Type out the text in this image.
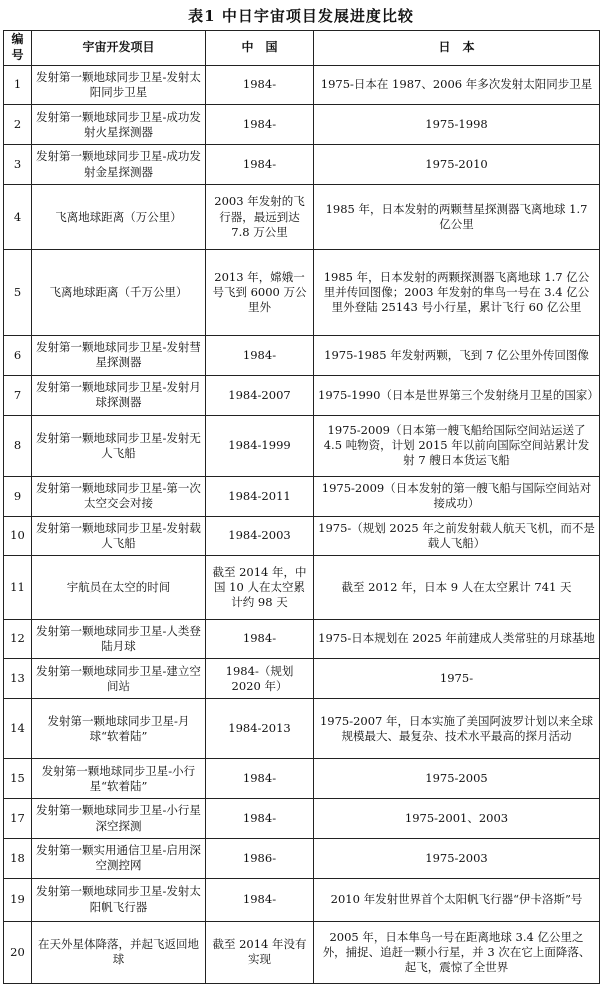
表1 中日宇宙项目发展进度比较
编号	宇宙开发项目	中　国	日　本
1	发射第一颗地球同步卫星-发射太阳同步卫星	1984-	1975-日本在 1987、2006 年多次发射太阳同步卫星
2	发射第一颗地球同步卫星-成功发射火星探测器	1984-	1975-1998
3	发射第一颗地球同步卫星-成功发射金星探测器	1984-	1975-2010
4	飞离地球距离（万公里）	2003 年发射的飞行器，最远到达 7.8 万公里	1985 年，日本发射的两颗彗星探测器飞离地球 1.7 亿公里
5	飞离地球距离（千万公里）	2013 年，嫦娥一号飞到 6000 万公里外	1985 年，日本发射的两颗探测器飞离地球 1.7 亿公里并传回图像；2003 年发射的隼鸟一号在 3.4 亿公里外登陆 25143 号小行星，累计飞行 60 亿公里
6	发射第一颗地球同步卫星-发射彗星探测器	1984-	1975-1985 年发射两颗，飞到 7 亿公里外传回图像
7	发射第一颗地球同步卫星-发射月球探测器	1984-2007	1975-1990（日本是世界第三个发射绕月卫星的国家）
8	发射第一颗地球同步卫星-发射无人飞船	1984-1999	1975-2009（日本第一艘飞船给国际空间站运送了 4.5 吨物资，计划 2015 年以前向国际空间站累计发射 7 艘日本货运飞船
9	发射第一颗地球同步卫星-第一次太空交会对接	1984-2011	1975-2009（日本发射的第一艘飞船与国际空间站对接成功）
10	发射第一颗地球同步卫星-发射载人飞船	1984-2003	1975-（规划 2025 年之前发射载人航天飞机，而不是载人飞船）
11	宇航员在太空的时间	截至 2014 年，中国 10 人在太空累计约 98 天	截至 2012 年，日本 9 人在太空累计 741 天
12	发射第一颗地球同步卫星-人类登陆月球	1984-	1975-日本规划在 2025 年前建成人类常驻的月球基地
13	发射第一颗地球同步卫星-建立空间站	1984-（规划 2020 年）	1975-
14	发射第一颗地球同步卫星-月球“软着陆”	1984-2013	1975-2007 年，日本实施了美国阿波罗计划以来全球规模最大、最复杂、技术水平最高的探月活动
15	发射第一颗地球同步卫星-小行星“软着陆”	1984-	1975-2005
17	发射第一颗地球同步卫星-小行星深空探测	1984-	1975-2001、2003
18	发射第一颗实用通信卫星-启用深空测控网	1986-	1975-2003
19	发射第一颗地球同步卫星-发射太阳帆飞行器	1984-	2010 年发射世界首个太阳帆飞行器“伊卡洛斯”号
20	在天外星体降落，并起飞返回地球	截至 2014 年没有实现	2005 年，日本隼鸟一号在距离地球 3.4 亿公里之外，捕捉、追赶一颗小行星，并 3 次在它上面降落、起飞，震惊了全世界
